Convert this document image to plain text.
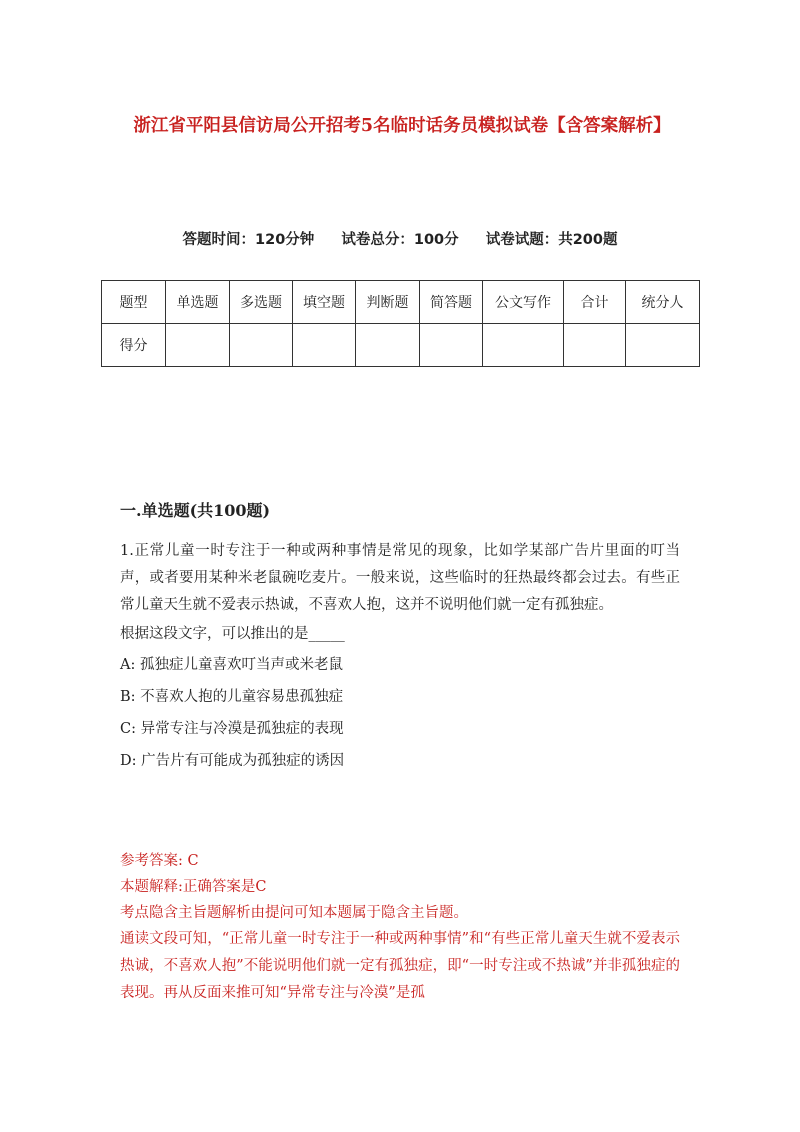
浙江省平阳县信访局公开招考5名临时话务员模拟试卷【含答案解析】
答题时间：120分钟 试卷总分：100分 试卷试题：共200题
题型	单选题	多选题	填空题	判断题	简答题	公文写作	合计	统分人
得分								
一.单选题(共100题)

1.正常儿童一时专注于一种或两种事情是常见的现象，比如学某部广告片里面的叮当声，或者要用某种米老鼠碗吃麦片。一般来说，这些临时的狂热最终都会过去。有些正常儿童天生就不爱表示热诚，不喜欢人抱，这并不说明他们就一定有孤独症。

根据这段文字，可以推出的是_____

A: 孤独症儿童喜欢叮当声或米老鼠

B: 不喜欢人抱的儿童容易患孤独症

C: 异常专注与冷漠是孤独症的表现

D: 广告片有可能成为孤独症的诱因

参考答案: C

本题解释:正确答案是C

考点隐含主旨题解析由提问可知本题属于隐含主旨题。

通读文段可知，“正常儿童一时专注于一种或两种事情”和“有些正常儿童天生就不爱表示热诚，不喜欢人抱”不能说明他们就一定有孤独症，即“一时专注或不热诚”并非孤独症的表现。再从反面来推可知“异常专注与冷漠”是孤
